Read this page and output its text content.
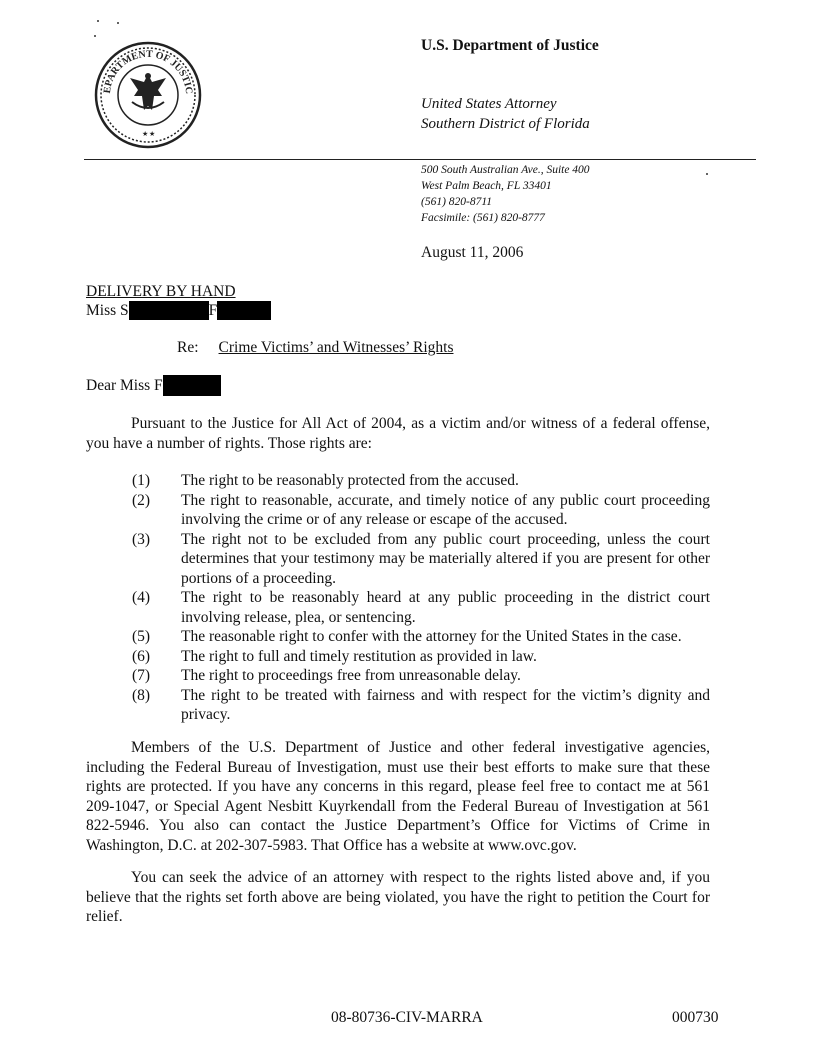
EPARTMENT OF JUSTIC
★ ★
U.S. Department of Justice
United States Attorney
Southern District of Florida
500 South Australian Ave., Suite 400
West Palm Beach, FL 33401
(561) 820-8711
Facsimile: (561) 820-8777
August 11, 2006
DELIVERY BY HAND
Miss S	F
Re: Crime Victims’ and Witnesses’ Rights
Dear Miss F

Pursuant to the Justice for All Act of 2004, as a victim and/or witness of a federal offense, you have a number of rights. Those rights are:

(1)	The right to be reasonably protected from the accused.
(2)	The right to reasonable, accurate, and timely notice of any public court proceeding involving the crime or of any release or escape of the accused.
(3)	The right not to be excluded from any public court proceeding, unless the court determines that your testimony may be materially altered if you are present for other portions of a proceeding.
(4)	The right to be reasonably heard at any public proceeding in the district court involving release, plea, or sentencing.
(5)	The reasonable right to confer with the attorney for the United States in the case.
(6)	The right to full and timely restitution as provided in law.
(7)	The right to proceedings free from unreasonable delay.
(8)	The right to be treated with fairness and with respect for the victim’s dignity and privacy.

Members of the U.S. Department of Justice and other federal investigative agencies, including the Federal Bureau of Investigation, must use their best efforts to make sure that these rights are protected. If you have any concerns in this regard, please feel free to contact me at 561 209-1047, or Special Agent Nesbitt Kuyrkendall from the Federal Bureau of Investigation at 561 822-5946. You also can contact the Justice Department’s Office for Victims of Crime in Washington, D.C. at 202-307-5983. That Office has a website at www.ovc.gov.

You can seek the advice of an attorney with respect to the rights listed above and, if you believe that the rights set forth above are being violated, you have the right to petition the Court for relief.

08-80736-CIV-MARRA	000730
